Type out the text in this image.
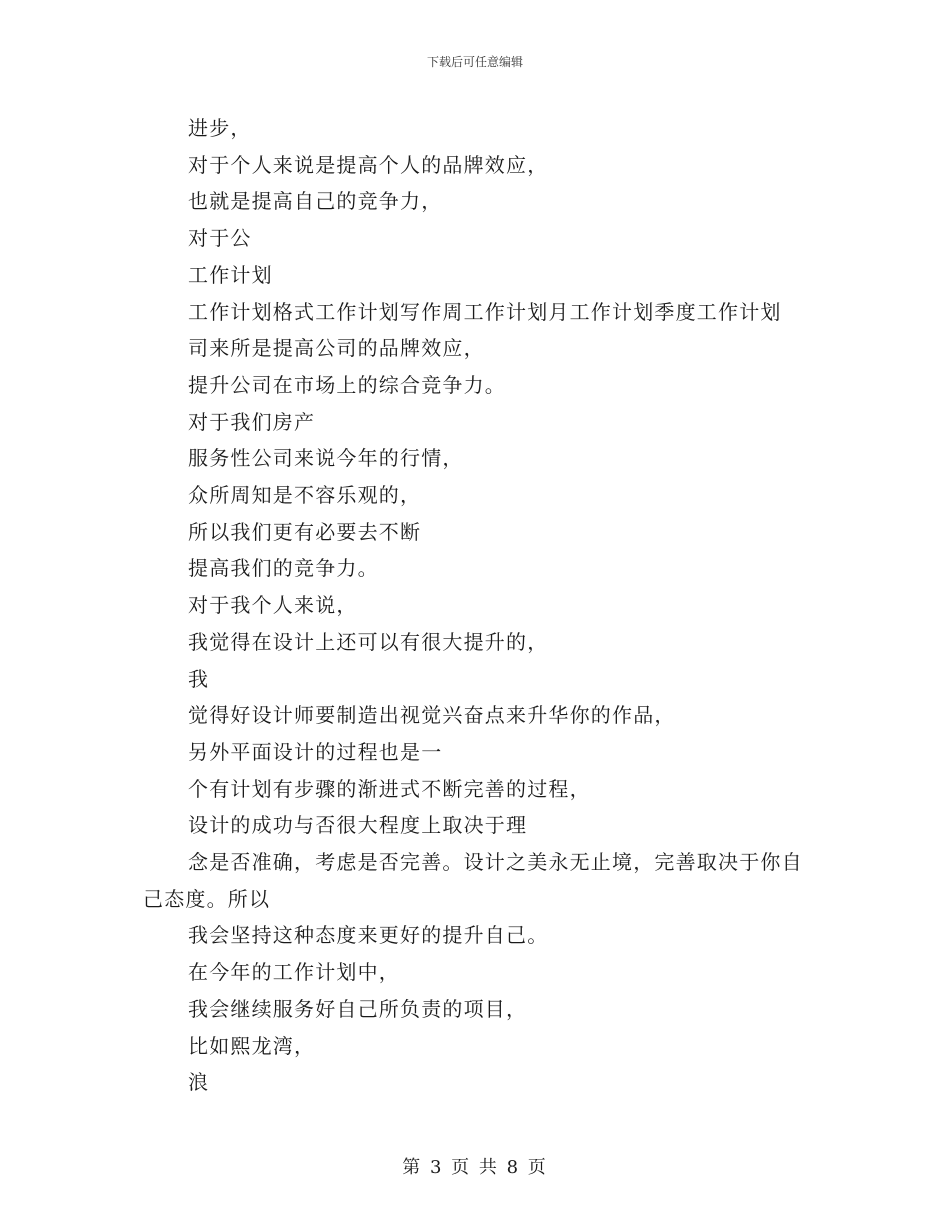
下载后可任意编辑
进步，
对于个人来说是提高个人的品牌效应，
也就是提高自己的竞争力，
对于公
工作计划
工作计划格式工作计划写作周工作计划月工作计划季度工作计划
司来所是提高公司的品牌效应，
提升公司在市场上的综合竞争力。
对于我们房产
服务性公司来说今年的行情，
众所周知是不容乐观的，
所以我们更有必要去不断
提高我们的竞争力。
对于我个人来说，
我觉得在设计上还可以有很大提升的，
我
觉得好设计师要制造出视觉兴奋点来升华你的作品，
另外平面设计的过程也是一
个有计划有步骤的渐进式不断完善的过程，
设计的成功与否很大程度上取决于理
念是否准确，考虑是否完善。设计之美永无止境，完善取决于你自己态度。所以
我会坚持这种态度来更好的提升自己。
在今年的工作计划中，
我会继续服务好自己所负责的项目，
比如熙龙湾，
浪
第 3 页 共 8 页
